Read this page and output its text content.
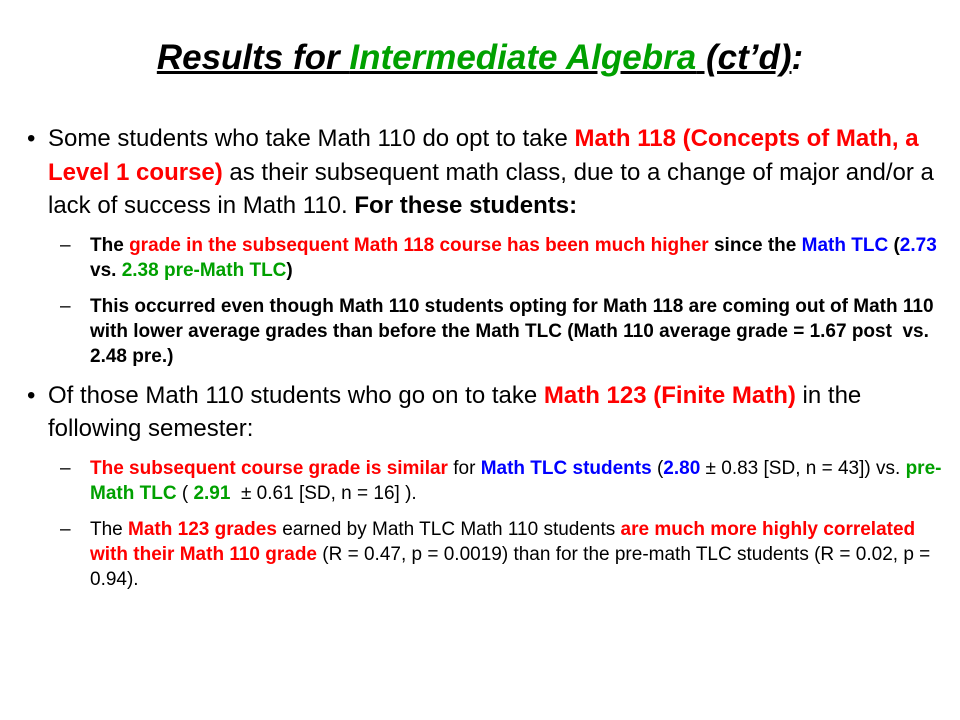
Results for Intermediate Algebra (ct’d):
• Some students who take Math 110 do opt to take Math 118 (Concepts of Math, a Level 1 course) as their subsequent math class, due to a change of major and/or a lack of success in Math 110. For these students:
– The grade in the subsequent Math 118 course has been much higher since the Math TLC (2.73 vs. 2.38 pre-Math TLC)
– This occurred even though Math 110 students opting for Math 118 are coming out of Math 110 with lower average grades than before the Math TLC (Math 110 average grade = 1.67 post  vs.  2.48 pre.)
• Of those Math 110 students who go on to take Math 123 (Finite Math) in the following semester:
– The subsequent course grade is similar for Math TLC students (2.80 ± 0.83 [SD, n = 43]) vs. pre-Math TLC ( 2.91  ± 0.61 [SD, n = 16] ).
– The Math 123 grades earned by Math TLC Math 110 students are much more highly correlated with their Math 110 grade (R = 0.47, p = 0.0019) than for the pre-math TLC students (R = 0.02, p = 0.94).
